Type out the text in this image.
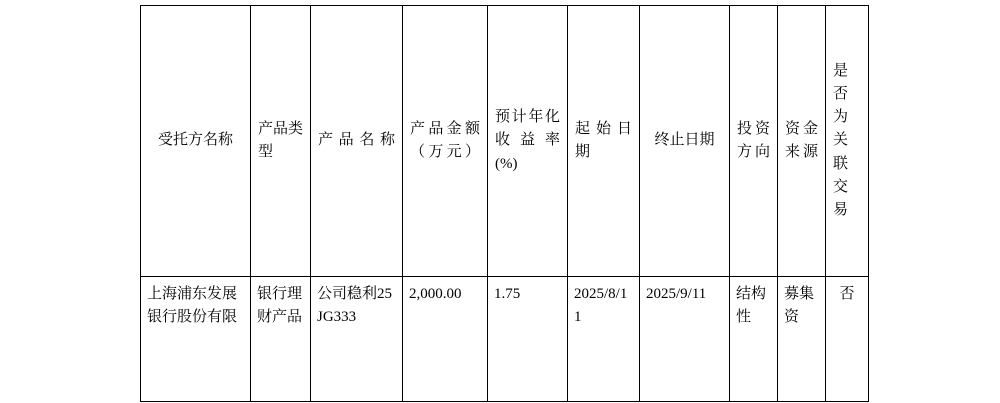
受托方名称	产品类型	产品名称	产品金额（万元）	预计年化收益率(%)	起始日期	终止日期	投资方向	资金来源	是否为关联交易

上海浦东发展银行股份有限	银行理财产品	公司稳利25JG333	2,000.00	1.75	2025/8/11	2025/9/11	结构性	募集资	否
